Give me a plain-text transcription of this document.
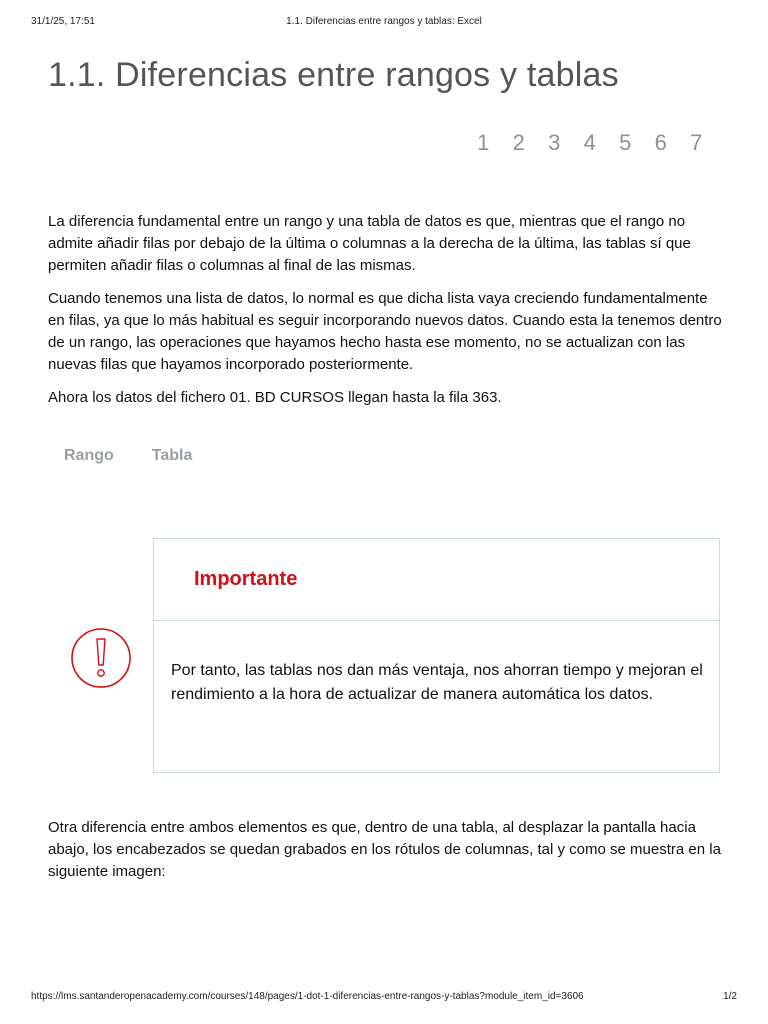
31/1/25, 17:51	1.1. Diferencias entre rangos y tablas: Excel
1.1. Diferencias entre rangos y tablas
1	2	3	4	5	6	7

La diferencia fundamental entre un rango y una tabla de datos es que, mientras que el rango no admite añadir filas por debajo de la última o columnas a la derecha de la última, las tablas sí que permiten añadir filas o columnas al final de las mismas.

Cuando tenemos una lista de datos, lo normal es que dicha lista vaya creciendo fundamentalmente en filas, ya que lo más habitual es seguir incorporando nuevos datos. Cuando esta la tenemos dentro de un rango, las operaciones que hayamos hecho hasta ese momento, no se actualizan con las nuevas filas que hayamos incorporado posteriormente.

Ahora los datos del fichero 01. BD CURSOS llegan hasta la fila 363.

Rango Tabla
Importante
Por tanto, las tablas nos dan más ventaja, nos ahorran tiempo y mejoran el rendimiento a la hora de actualizar de manera automática los datos.

Otra diferencia entre ambos elementos es que, dentro de una tabla, al desplazar la pantalla hacia abajo, los encabezados se quedan grabados en los rótulos de columnas, tal y como se muestra en la siguiente imagen:

https://lms.santanderopenacademy.com/courses/148/pages/1-dot-1-diferencias-entre-rangos-y-tablas?module_item_id=3606	1/2
